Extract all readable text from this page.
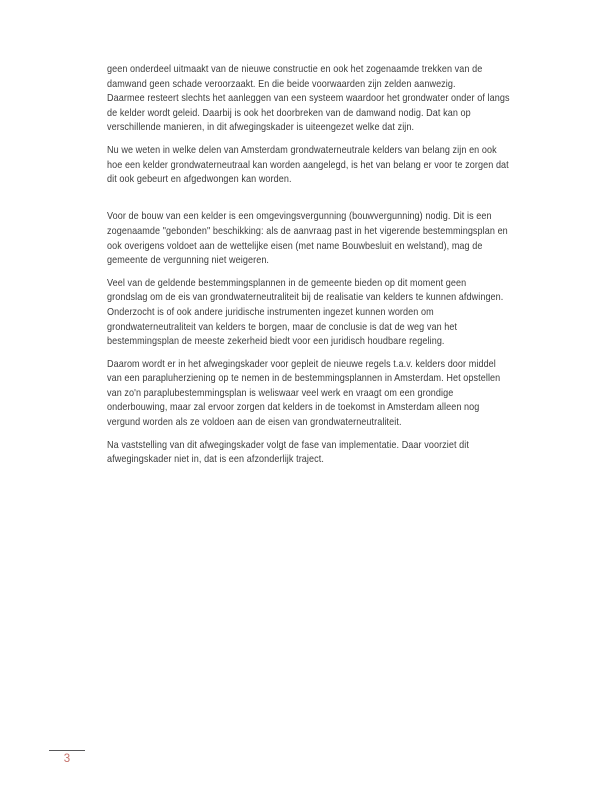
geen onderdeel uitmaakt van de nieuwe constructie en ook het zogenaamde trekken van de
damwand geen schade veroorzaakt. En die beide voorwaarden zijn zelden aanwezig.
Daarmee resteert slechts het aanleggen van een systeem waardoor het grondwater onder of langs
de kelder wordt geleid. Daarbij is ook het doorbreken van de damwand nodig. Dat kan op
verschillende manieren, in dit afwegingskader is uiteengezet welke dat zijn.
Nu we weten in welke delen van Amsterdam grondwaterneutrale kelders van belang zijn en ook
hoe een kelder grondwaterneutraal kan worden aangelegd, is het van belang er voor te zorgen dat
dit ook gebeurt en afgedwongen kan worden.
Voor de bouw van een kelder is een omgevingsvergunning (bouwvergunning) nodig. Dit is een
zogenaamde "gebonden" beschikking: als de aanvraag past in het vigerende bestemmingsplan en
ook overigens voldoet aan de wettelijke eisen (met name Bouwbesluit en welstand), mag de
gemeente de vergunning niet weigeren.
Veel van de geldende bestemmingsplannen in de gemeente bieden op dit moment geen
grondslag om de eis van grondwaterneutraliteit bij de realisatie van kelders te kunnen afdwingen.
Onderzocht is of ook andere juridische instrumenten ingezet kunnen worden om
grondwaterneutraliteit van kelders te borgen, maar de conclusie is dat de weg van het
bestemmingsplan de meeste zekerheid biedt voor een juridisch houdbare regeling.
Daarom wordt er in het afwegingskader voor gepleit de nieuwe regels t.a.v. kelders door middel
van een parapluherziening op te nemen in de bestemmingsplannen in Amsterdam. Het opstellen
van zo'n paraplubestemmingsplan is weliswaar veel werk en vraagt om een grondige
onderbouwing, maar zal ervoor zorgen dat kelders in de toekomst in Amsterdam alleen nog
vergund worden als ze voldoen aan de eisen van grondwaterneutraliteit.
Na vaststelling van dit afwegingskader volgt de fase van implementatie. Daar voorziet dit
afwegingskader niet in, dat is een afzonderlijk traject.
3
